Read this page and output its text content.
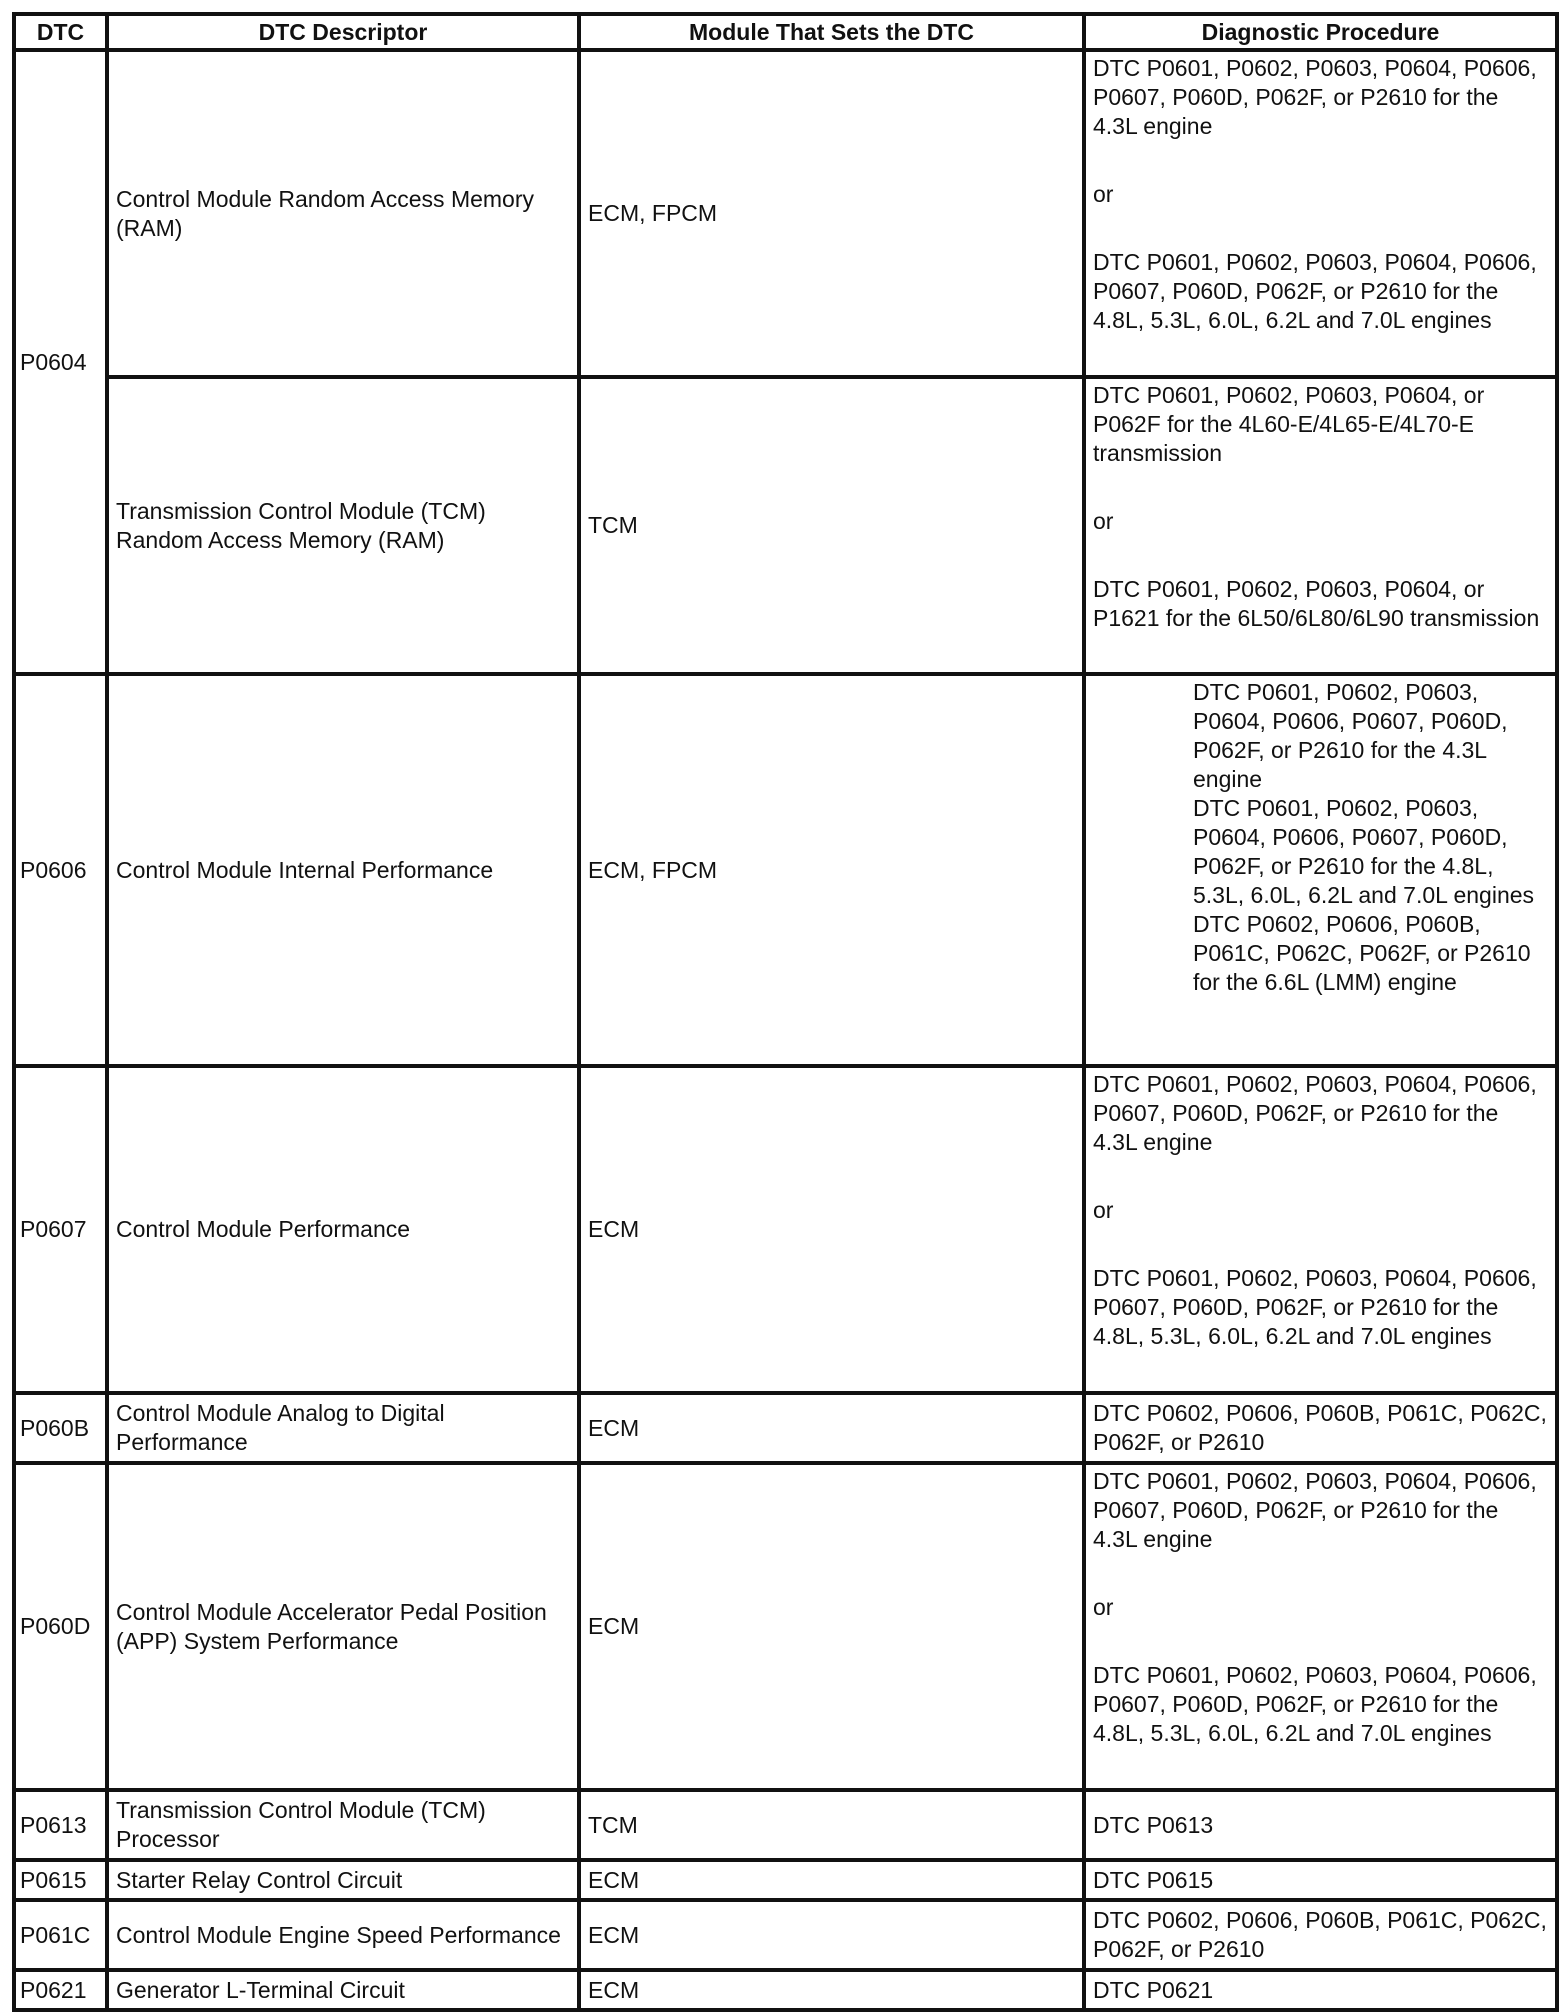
DTC	DTC Descriptor	Module That Sets the DTC	Diagnostic Procedure
P0604	Control Module Random Access Memory (RAM)	ECM, FPCM	DTC P0601, P0602, P0603, P0604, P0606, P0607, P060D, P062F, or P2610 for the 4.3L engine
or
DTC P0601, P0602, P0603, P0604, P0606, P0607, P060D, P062F, or P2610 for the 4.8L, 5.3L, 6.0L, 6.2L and 7.0L engines

	Transmission Control Module (TCM) Random Access Memory (RAM)	TCM	DTC P0601, P0602, P0603, P0604, or P062F for the 4L60-E/4L65-E/4L70-E transmission
or
DTC P0601, P0602, P0603, P0604, or P1621 for the 6L50/6L80/6L90 transmission

P0606	Control Module Internal Performance	ECM, FPCM	DTC P0601, P0602, P0603, P0604, P0606, P0607, P060D, P062F, or P2610 for the 4.3L engine
DTC P0601, P0602, P0603, P0604, P0606, P0607, P060D, P062F, or P2610 for the 4.8L, 5.3L, 6.0L, 6.2L and 7.0L engines
DTC P0602, P0606, P060B, P061C, P062C, P062F, or P2610 for the 6.6L (LMM) engine

P0607	Control Module Performance	ECM	DTC P0601, P0602, P0603, P0604, P0606, P0607, P060D, P062F, or P2610 for the 4.3L engine
or
DTC P0601, P0602, P0603, P0604, P0606, P0607, P060D, P062F, or P2610 for the 4.8L, 5.3L, 6.0L, 6.2L and 7.0L engines

P060B	Control Module Analog to Digital Performance	ECM	DTC P0602, P0606, P060B, P061C, P062C, P062F, or P2610
P060D	Control Module Accelerator Pedal Position (APP) System Performance	ECM	DTC P0601, P0602, P0603, P0604, P0606, P0607, P060D, P062F, or P2610 for the 4.3L engine
or
DTC P0601, P0602, P0603, P0604, P0606, P0607, P060D, P062F, or P2610 for the 4.8L, 5.3L, 6.0L, 6.2L and 7.0L engines

P0613	Transmission Control Module (TCM) Processor	TCM	DTC P0613
P0615	Starter Relay Control Circuit	ECM	DTC P0615
P061C	Control Module Engine Speed Performance	ECM	DTC P0602, P0606, P060B, P061C, P062C, P062F, or P2610
P0621	Generator L-Terminal Circuit	ECM	DTC P0621
